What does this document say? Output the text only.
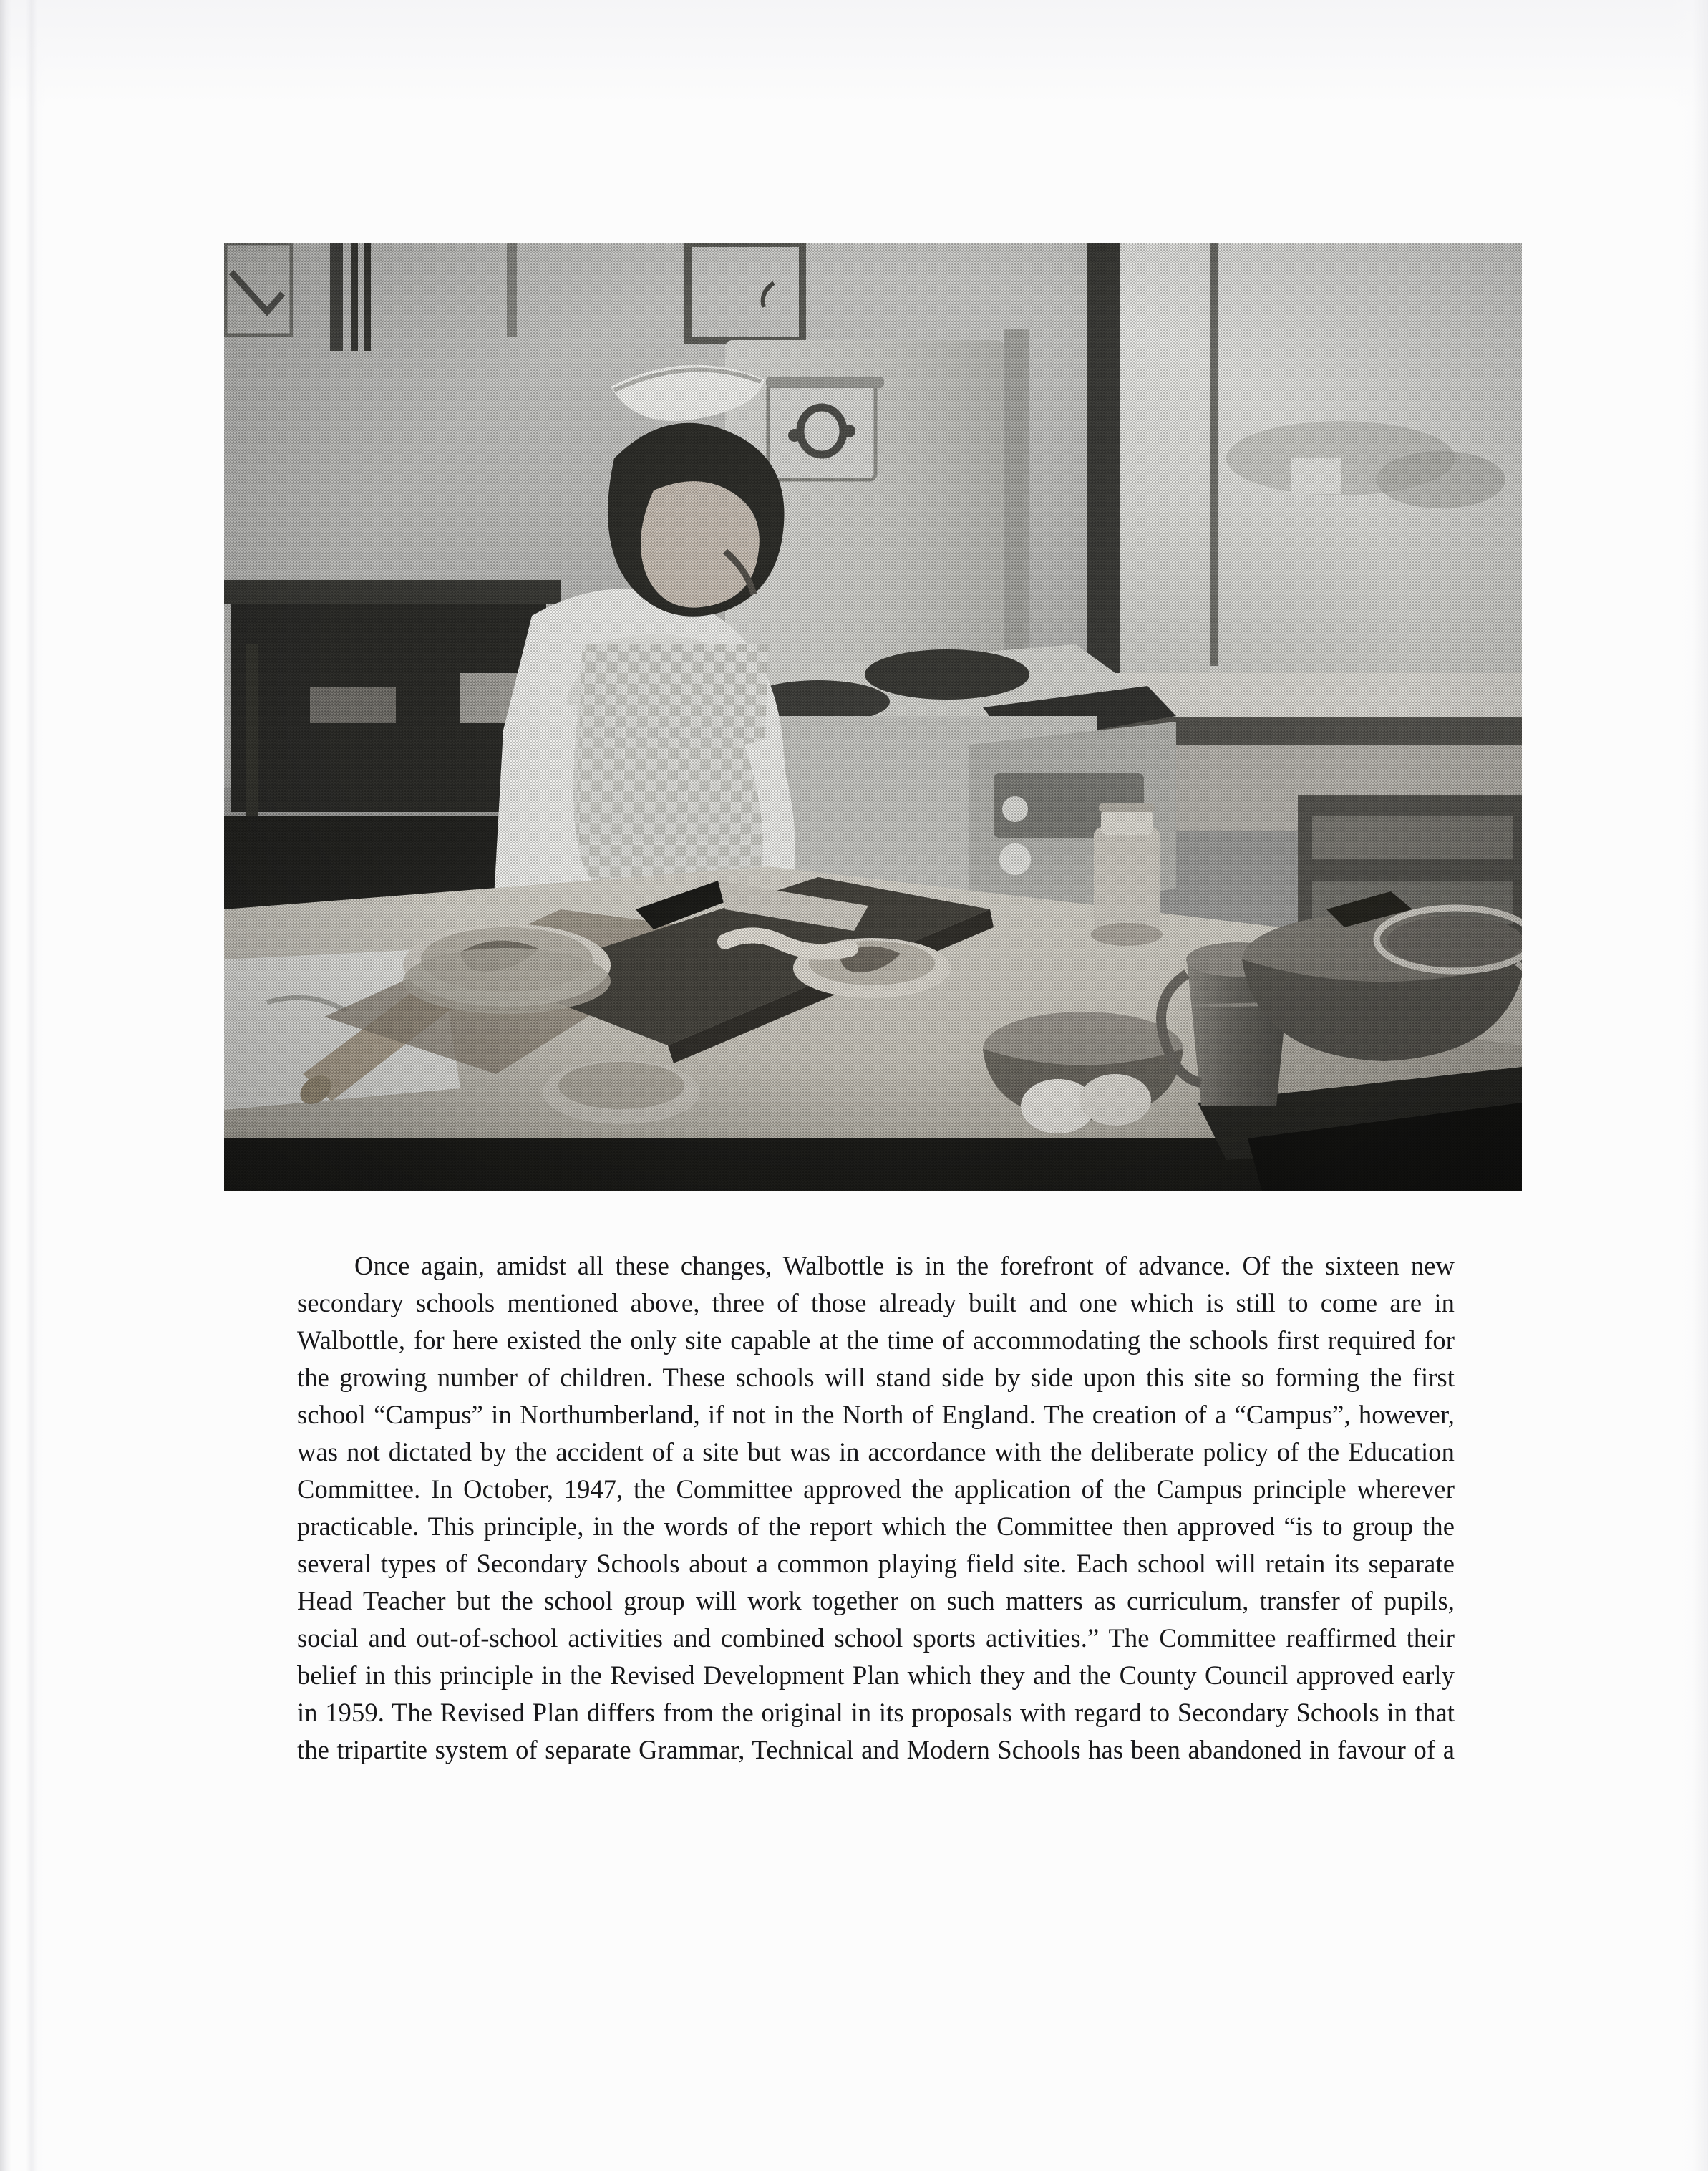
Once again, amidst all these changes, Walbottle is in the forefront of advance. Of the sixteen new secondary schools mentioned above, three of those already built and one which is still to come are in Walbottle, for here existed the only site capable at the time of accommodating the schools first required for the growing number of children. These schools will stand side by side upon this site so forming the first school “Campus” in Northumberland, if not in the North of England. The creation of a “Campus”, however, was not dictated by the accident of a site but was in accordance with the deliberate policy of the Education Committee. In October, 1947, the Committee approved the application of the Campus principle wherever practicable. This principle, in the words of the report which the Committee then approved “is to group the several types of Secondary Schools about a common playing field site. Each school will retain its separate Head Teacher but the school group will work together on such matters as curriculum, transfer of pupils, social and out-of-school activities and combined school sports activities.” The Committee reaffirmed their belief in this principle in the Revised Development Plan which they and the County Council approved early in 1959. The Revised Plan differs from the original in its proposals with regard to Secondary Schools in that the tripartite system of separate Grammar, Technical and Modern Schools has been abandoned in favour of a
